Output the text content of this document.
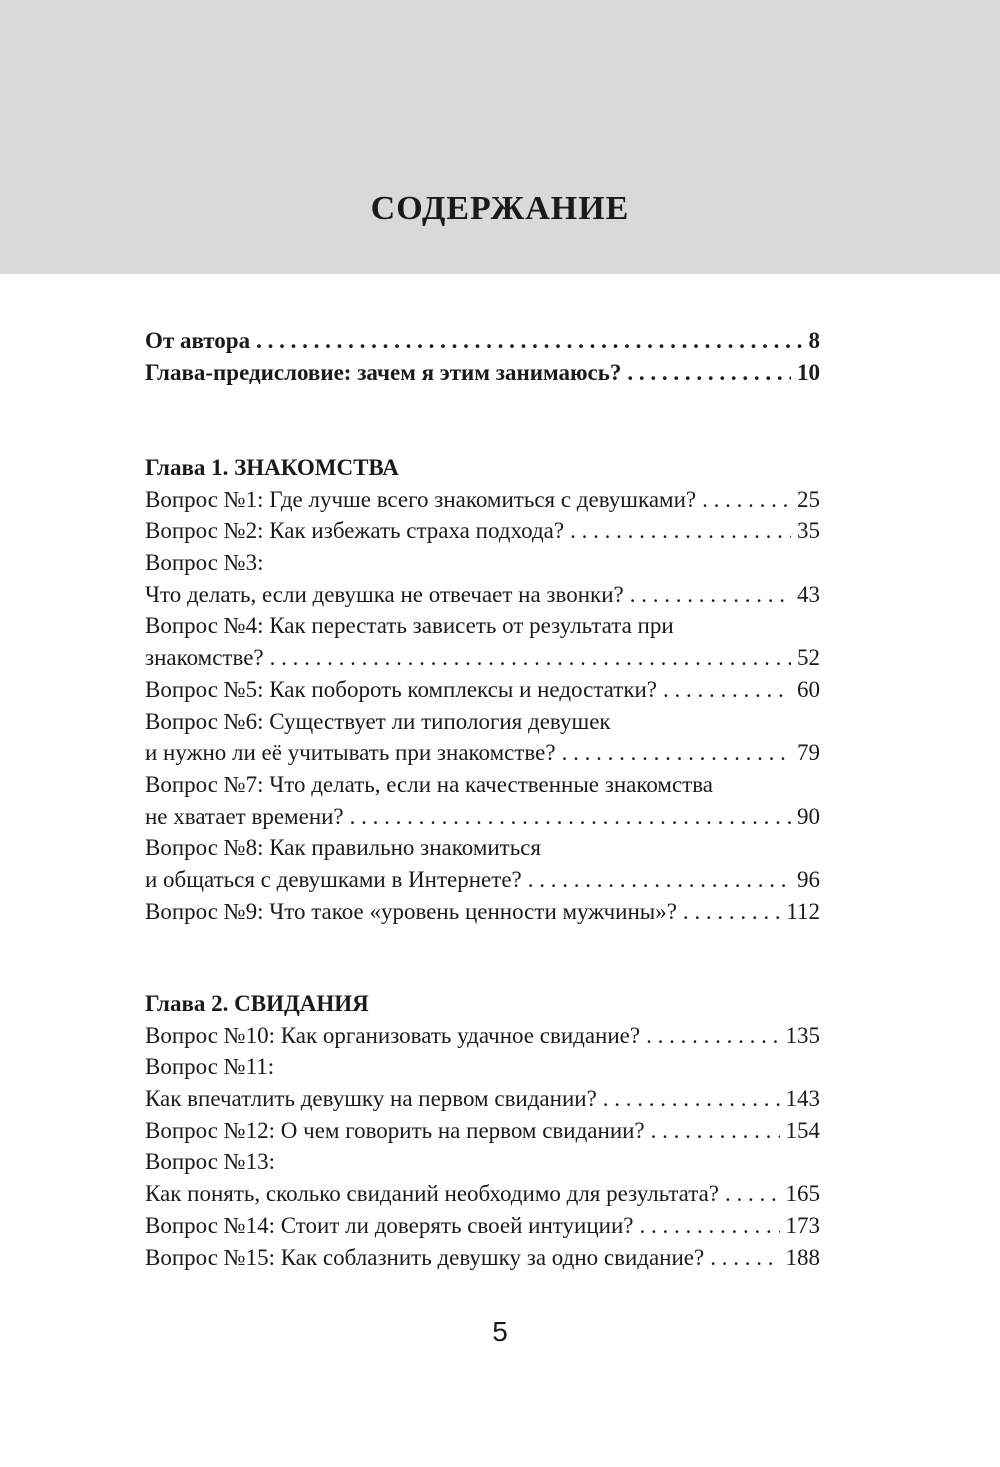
СОДЕРЖАНИЕ
От автора . . .	8
Глава-предисловие: зачем я этим занимаюсь? . . .	10
Глава 1. ЗНАКОМСТВА
Вопрос №1: Где лучше всего знакомиться с девушками? . . .	25
Вопрос №2: Как избежать страха подхода? . . .	35
Вопрос №3:
Что делать, если девушка не отвечает на звонки? . . .	43
Вопрос №4: Как перестать зависеть от результата при
знакомстве? . . .	52
Вопрос №5: Как побороть комплексы и недостатки? . . .	60
Вопрос №6: Существует ли типология девушек
и нужно ли её учитывать при знакомстве? . . .	79
Вопрос №7: Что делать, если на качественные знакомства
не хватает времени? . . .	90
Вопрос №8: Как правильно знакомиться
и общаться с девушками в Интернете? . . .	96
Вопрос №9: Что такое «уровень ценности мужчины»? . . .	112
Глава 2. СВИДАНИЯ
Вопрос №10: Как организовать удачное свидание? . . .	135
Вопрос №11:
Как впечатлить девушку на первом свидании? . . .	143
Вопрос №12: О чем говорить на первом свидании? . . .	154
Вопрос №13:
Как понять, сколько свиданий необходимо для результата? . . .	165
Вопрос №14: Стоит ли доверять своей интуиции? . . .	173
Вопрос №15: Как соблазнить девушку за одно свидание? . . .	188
5
